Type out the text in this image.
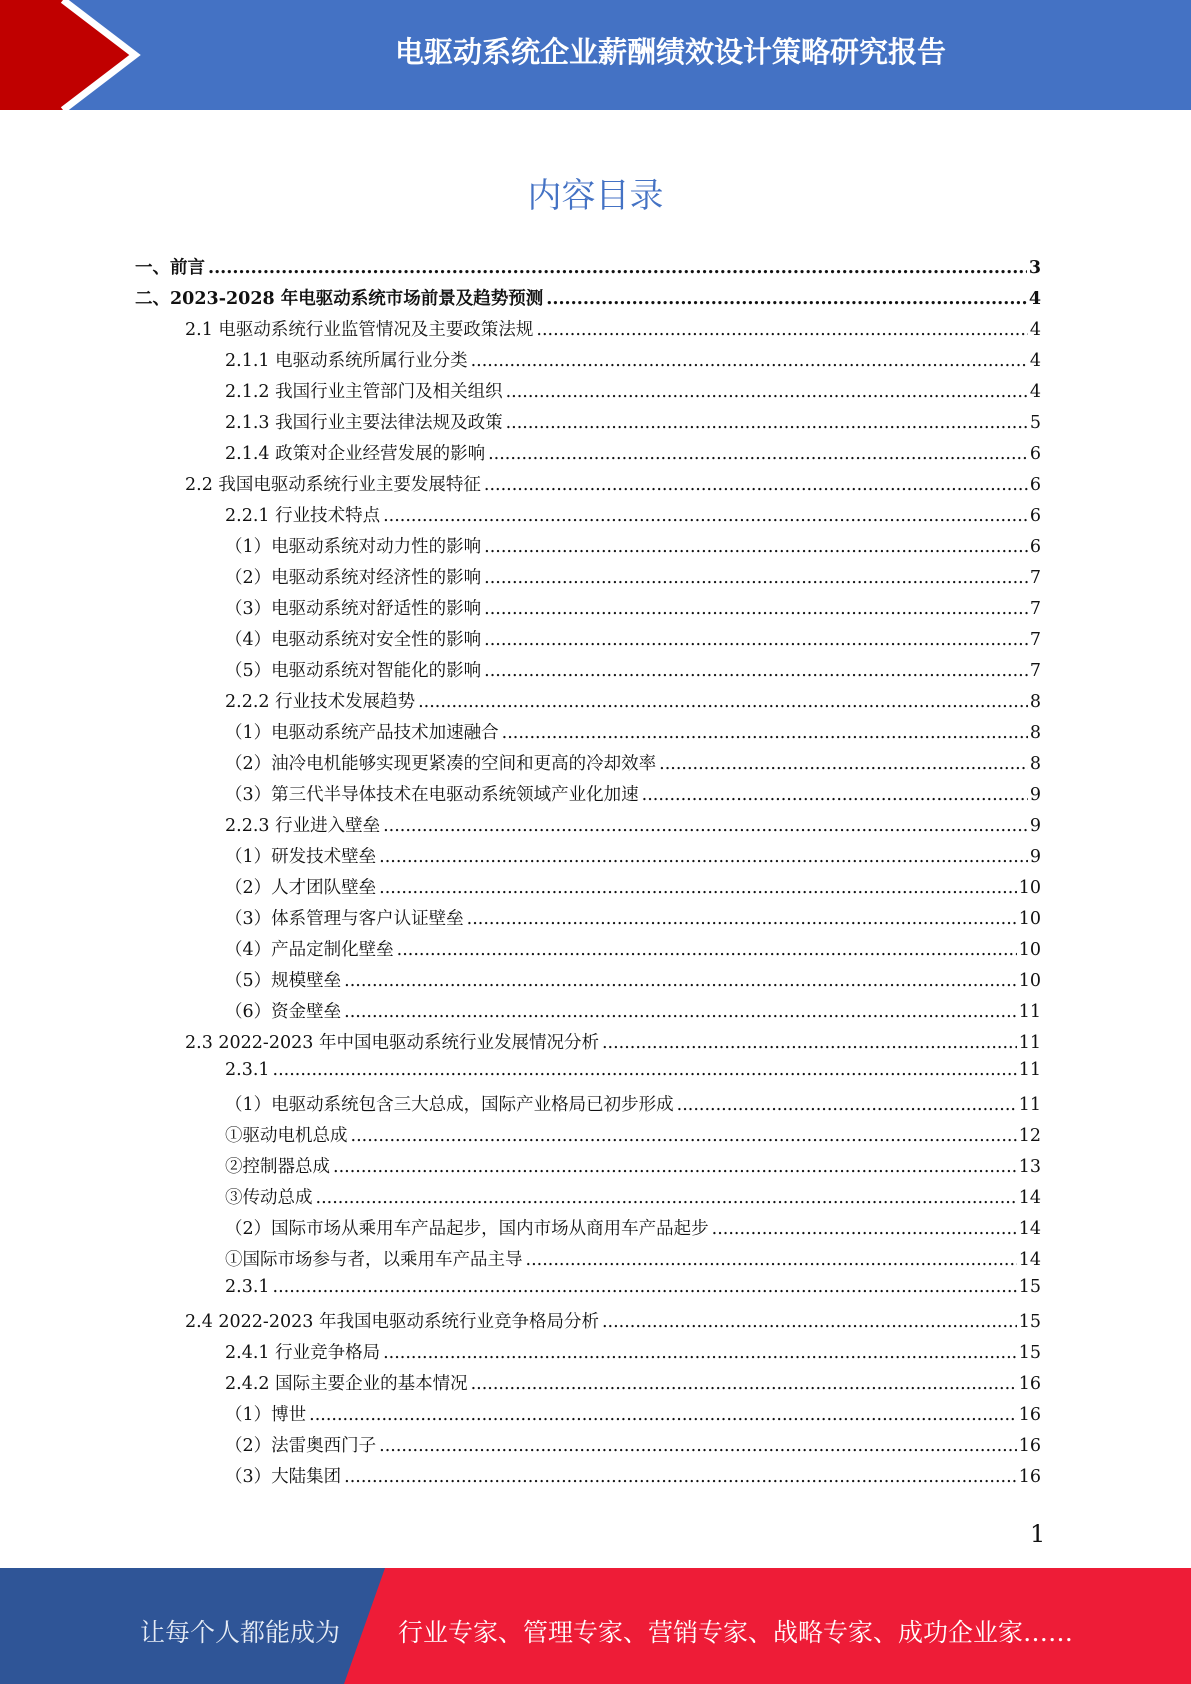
电驱动系统企业薪酬绩效设计策略研究报告
内容目录
一、前言 .....	3
二、2023-2028 年电驱动系统市场前景及趋势预测 .....	4
2.1 电驱动系统行业监管情况及主要政策法规 .....	4
2.1.1 电驱动系统所属行业分类 .....	4
2.1.2 我国行业主管部门及相关组织 .....	4
2.1.3 我国行业主要法律法规及政策 .....	5
2.1.4 政策对企业经营发展的影响 .....	6
2.2 我国电驱动系统行业主要发展特征 .....	6
2.2.1 行业技术特点 .....	6
（1）电驱动系统对动力性的影响 .....	6
（2）电驱动系统对经济性的影响 .....	7
（3）电驱动系统对舒适性的影响 .....	7
（4）电驱动系统对安全性的影响 .....	7
（5）电驱动系统对智能化的影响 .....	7
2.2.2 行业技术发展趋势 .....	8
（1）电驱动系统产品技术加速融合 .....	8
（2）油冷电机能够实现更紧凑的空间和更高的冷却效率 .....	8
（3）第三代半导体技术在电驱动系统领域产业化加速 .....	9
2.2.3 行业进入壁垒 .....	9
（1）研发技术壁垒 .....	9
（2）人才团队壁垒 .....	10
（3）体系管理与客户认证壁垒 .....	10
（4）产品定制化壁垒 .....	10
（5）规模壁垒 .....	10
（6）资金壁垒 .....	11
2.3 2022-2023 年中国电驱动系统行业发展情况分析 .....	11
2.3.1 .....	11
（1）电驱动系统包含三大总成，国际产业格局已初步形成 .....	11
①驱动电机总成 .....	12
②控制器总成 .....	13
③传动总成 .....	14
（2）国际市场从乘用车产品起步，国内市场从商用车产品起步 .....	14
①国际市场参与者，以乘用车产品主导 .....	14
2.3.1 .....	15
2.4 2022-2023 年我国电驱动系统行业竞争格局分析 .....	15
2.4.1 行业竞争格局 .....	15
2.4.2 国际主要企业的基本情况 .....	16
（1）博世 .....	16
（2）法雷奥西门子 .....	16
（3）大陆集团 .....	16
1
让每个人都能成为 行业专家、管理专家、营销专家、战略专家、成功企业家……
